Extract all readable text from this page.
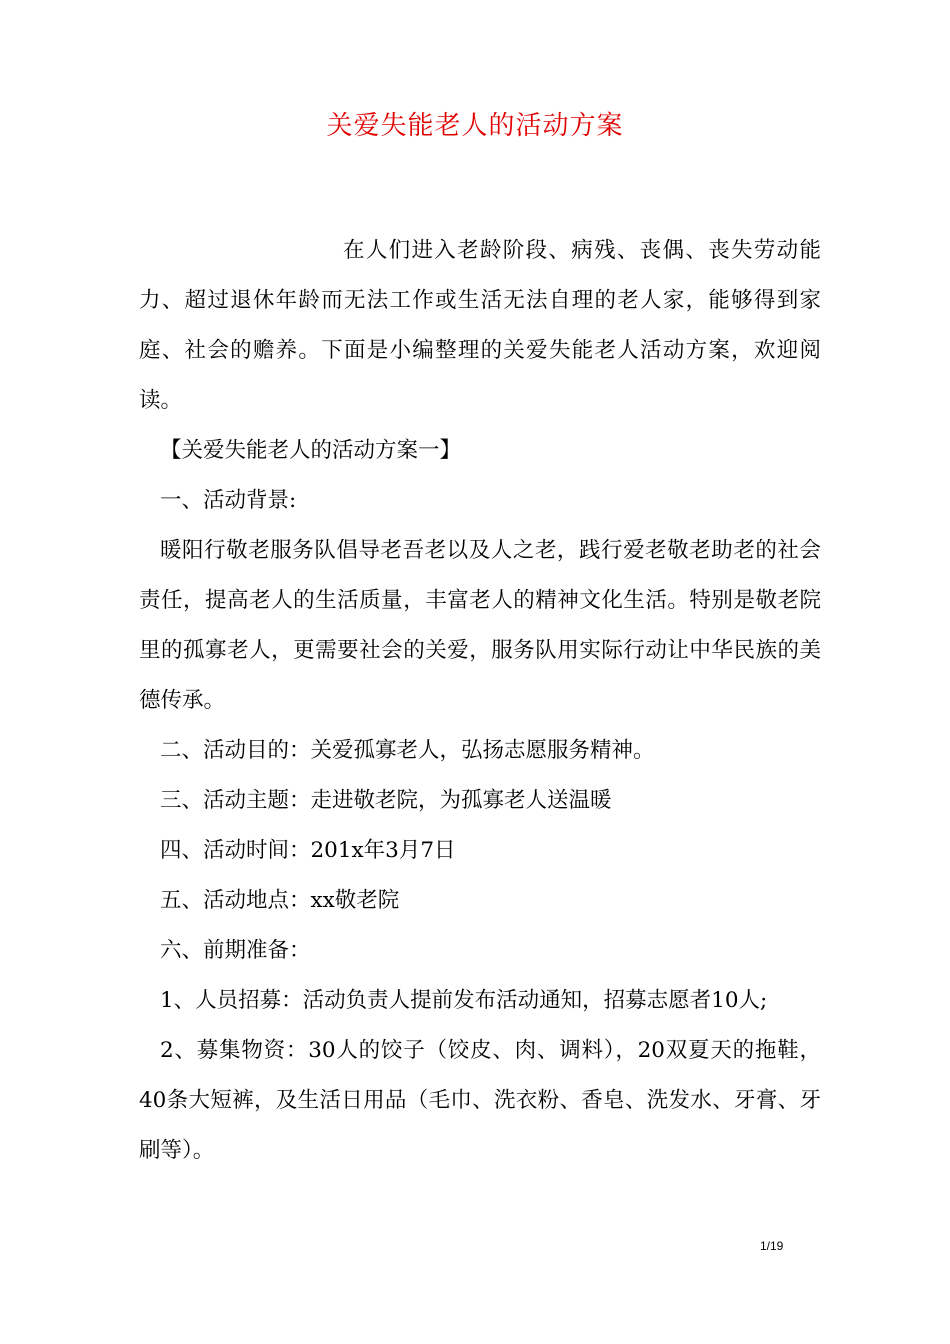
关爱失能老人的活动方案

在人们进入老龄阶段、病残、丧偶、丧失劳动能力、超过退休年龄而无法工作或生活无法自理的老人家，能够得到家庭、社会的赡养。下面是小编整理的关爱失能老人活动方案，欢迎阅读。

【关爱失能老人的活动方案一】

一、活动背景:

暖阳行敬老服务队倡导老吾老以及人之老，践行爱老敬老助老的社会责任，提高老人的生活质量，丰富老人的精神文化生活。特别是敬老院里的孤寡老人，更需要社会的关爱，服务队用实际行动让中华民族的美德传承。

二、活动目的：关爱孤寡老人，弘扬志愿服务精神。

三、活动主题：走进敬老院，为孤寡老人送温暖

四、活动时间：201x年3月7日

五、活动地点：xx敬老院

六、前期准备：

1、人员招募：活动负责人提前发布活动通知，招募志愿者10人;

2、募集物资：30人的饺子（饺皮、肉、调料），20双夏天的拖鞋，40条大短裤，及生活日用品（毛巾、洗衣粉、香皂、洗发水、牙膏、牙刷等）。

1/19
